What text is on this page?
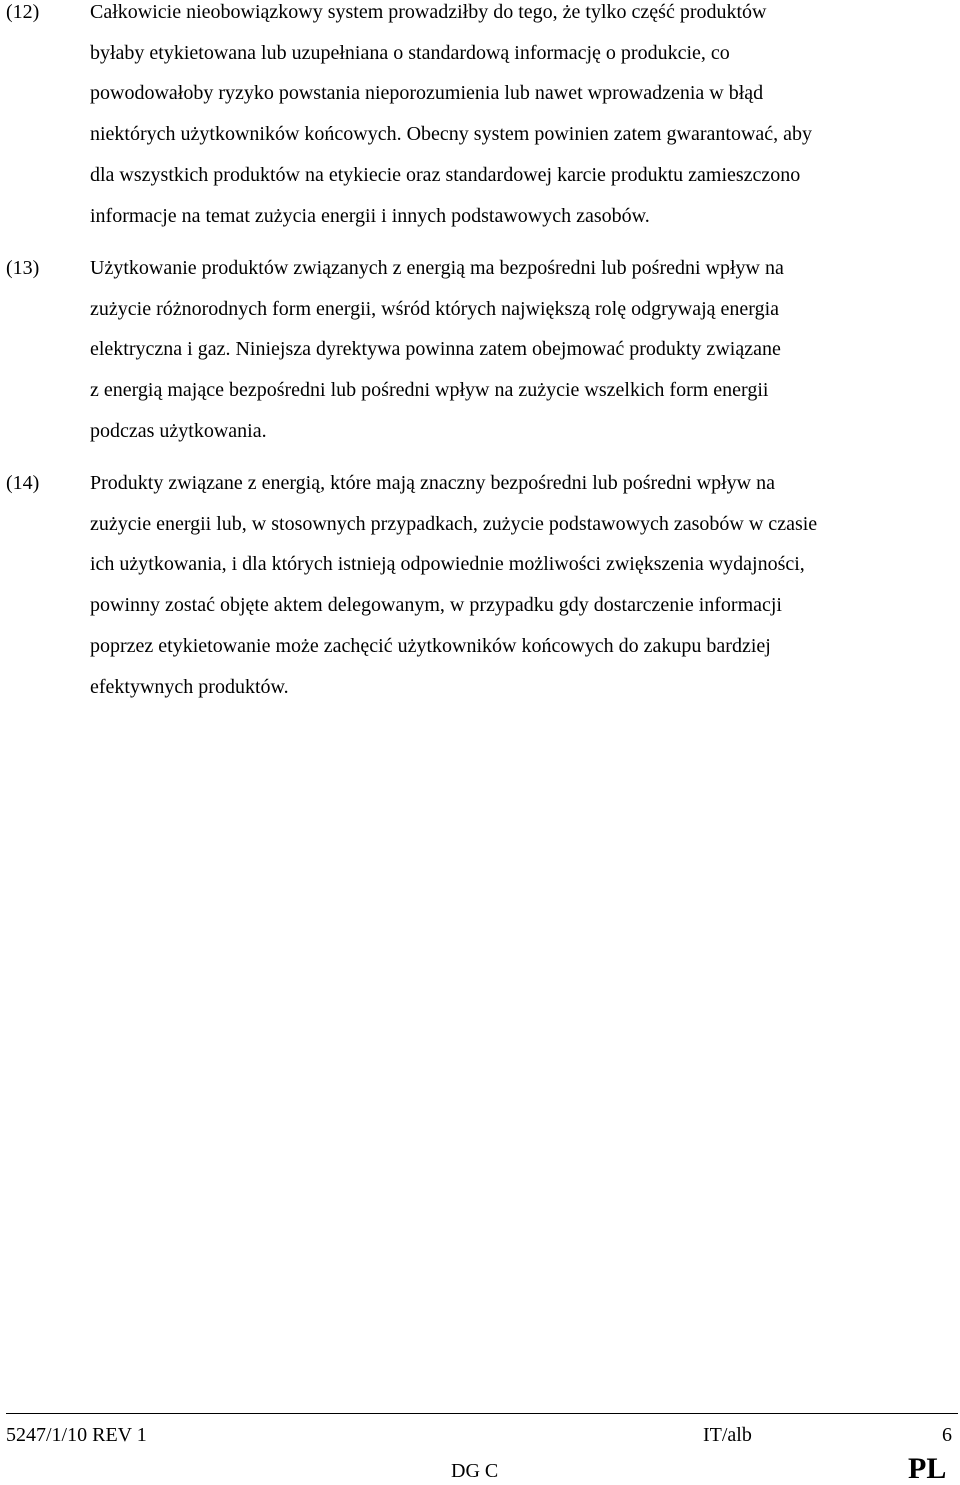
(12)	Całkowicie nieobowiązkowy system prowadziłby do tego, że tylko część produktów
byłaby etykietowana lub uzupełniana o standardową informację o produkcie, co
powodowałoby ryzyko powstania nieporozumienia lub nawet wprowadzenia w błąd
niektórych użytkowników końcowych. Obecny system powinien zatem gwarantować, aby
dla wszystkich produktów na etykiecie oraz standardowej karcie produktu zamieszczono
informacje na temat zużycia energii i innych podstawowych zasobów.
(13)	Użytkowanie produktów związanych z energią ma bezpośredni lub pośredni wpływ na
zużycie różnorodnych form energii, wśród których największą rolę odgrywają energia
elektryczna i gaz. Niniejsza dyrektywa powinna zatem obejmować produkty związane
z energią mające bezpośredni lub pośredni wpływ na zużycie wszelkich form energii
podczas użytkowania.
(14)	Produkty związane z energią, które mają znaczny bezpośredni lub pośredni wpływ na
zużycie energii lub, w stosownych przypadkach, zużycie podstawowych zasobów w czasie
ich użytkowania, i dla których istnieją odpowiednie możliwości zwiększenia wydajności,
powinny zostać objęte aktem delegowanym, w przypadku gdy dostarczenie informacji
poprzez etykietowanie może zachęcić użytkowników końcowych do zakupu bardziej
efektywnych produktów.
5247/1/10 REV 1	IT/alb	6
DG C	PL
